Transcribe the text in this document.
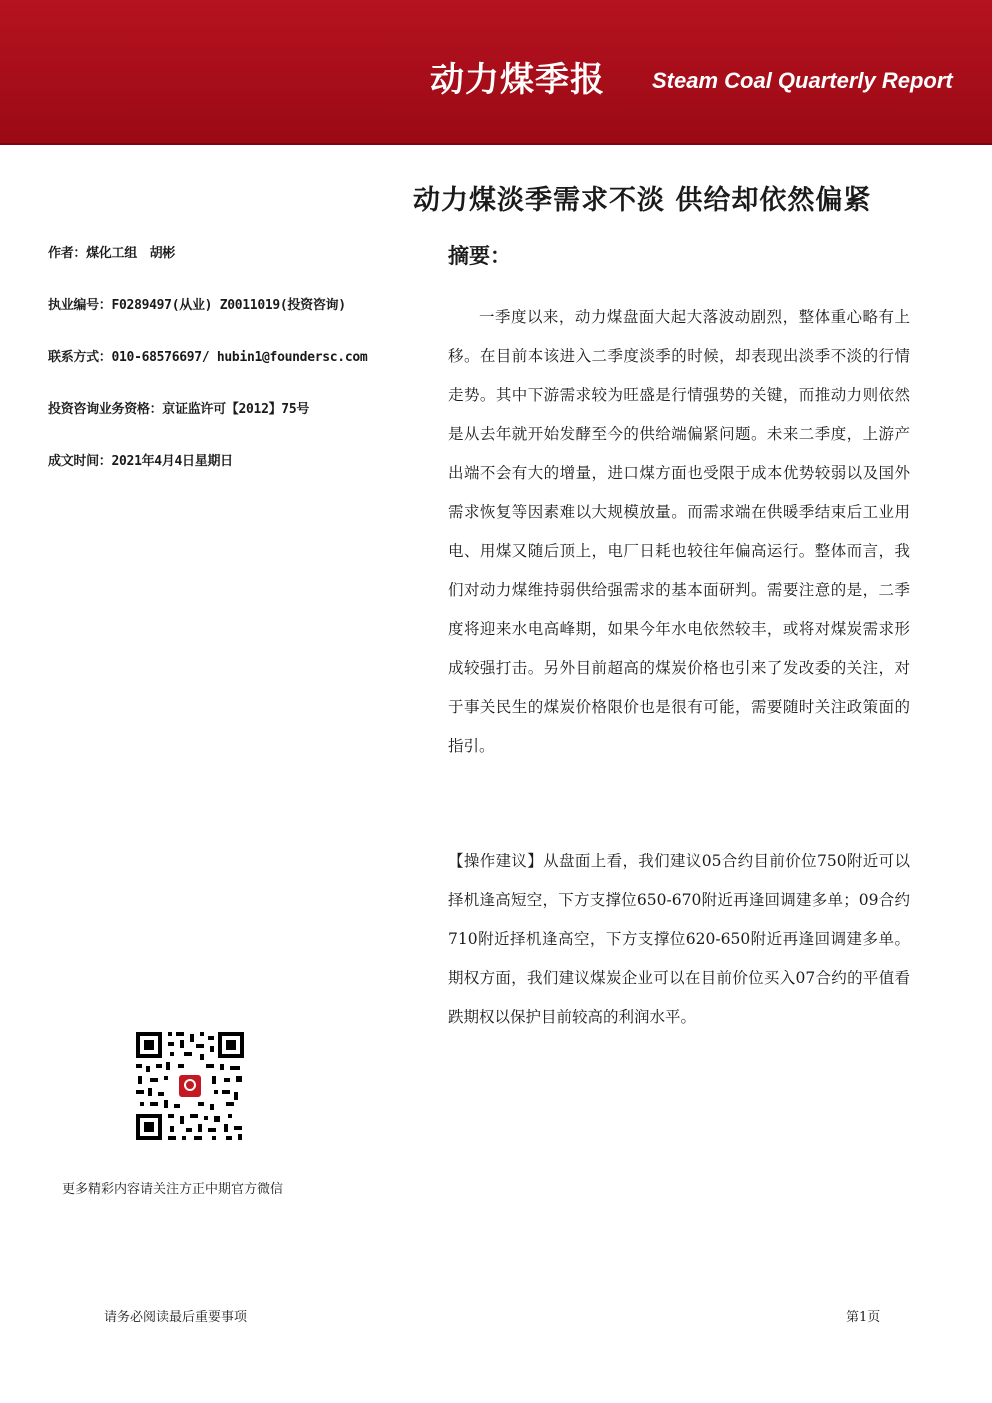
动力煤季报 Steam Coal Quarterly Report
动力煤淡季需求不淡 供给却依然偏紧
作者：煤化工组　胡彬
执业编号：F0289497(从业) Z0011019(投资咨询)
联系方式：010-68576697/ hubin1@foundersc.com
投资咨询业务资格：京证监许可【2012】75号
成文时间：2021年4月4日星期日
摘要：

一季度以来，动力煤盘面大起大落波动剧烈，整体重心略有上移。在目前本该进入二季度淡季的时候，却表现出淡季不淡的行情走势。其中下游需求较为旺盛是行情强势的关键，而推动力则依然是从去年就开始发酵至今的供给端偏紧问题。未来二季度，上游产出端不会有大的增量，进口煤方面也受限于成本优势较弱以及国外需求恢复等因素难以大规模放量。而需求端在供暖季结束后工业用电、用煤又随后顶上，电厂日耗也较往年偏高运行。整体而言，我们对动力煤维持弱供给强需求的基本面研判。需要注意的是，二季度将迎来水电高峰期，如果今年水电依然较丰，或将对煤炭需求形成较强打击。另外目前超高的煤炭价格也引来了发改委的关注，对于事关民生的煤炭价格限价也是很有可能，需要随时关注政策面的指引。

【操作建议】从盘面上看，我们建议05合约目前价位750附近可以择机逢高短空，下方支撑位650-670附近再逢回调建多单；09合约710附近择机逢高空，下方支撑位620-650附近再逢回调建多单。期权方面，我们建议煤炭企业可以在目前价位买入07合约的平值看跌期权以保护目前较高的利润水平。

更多精彩内容请关注方正中期官方微信
请务必阅读最后重要事项	第1页
